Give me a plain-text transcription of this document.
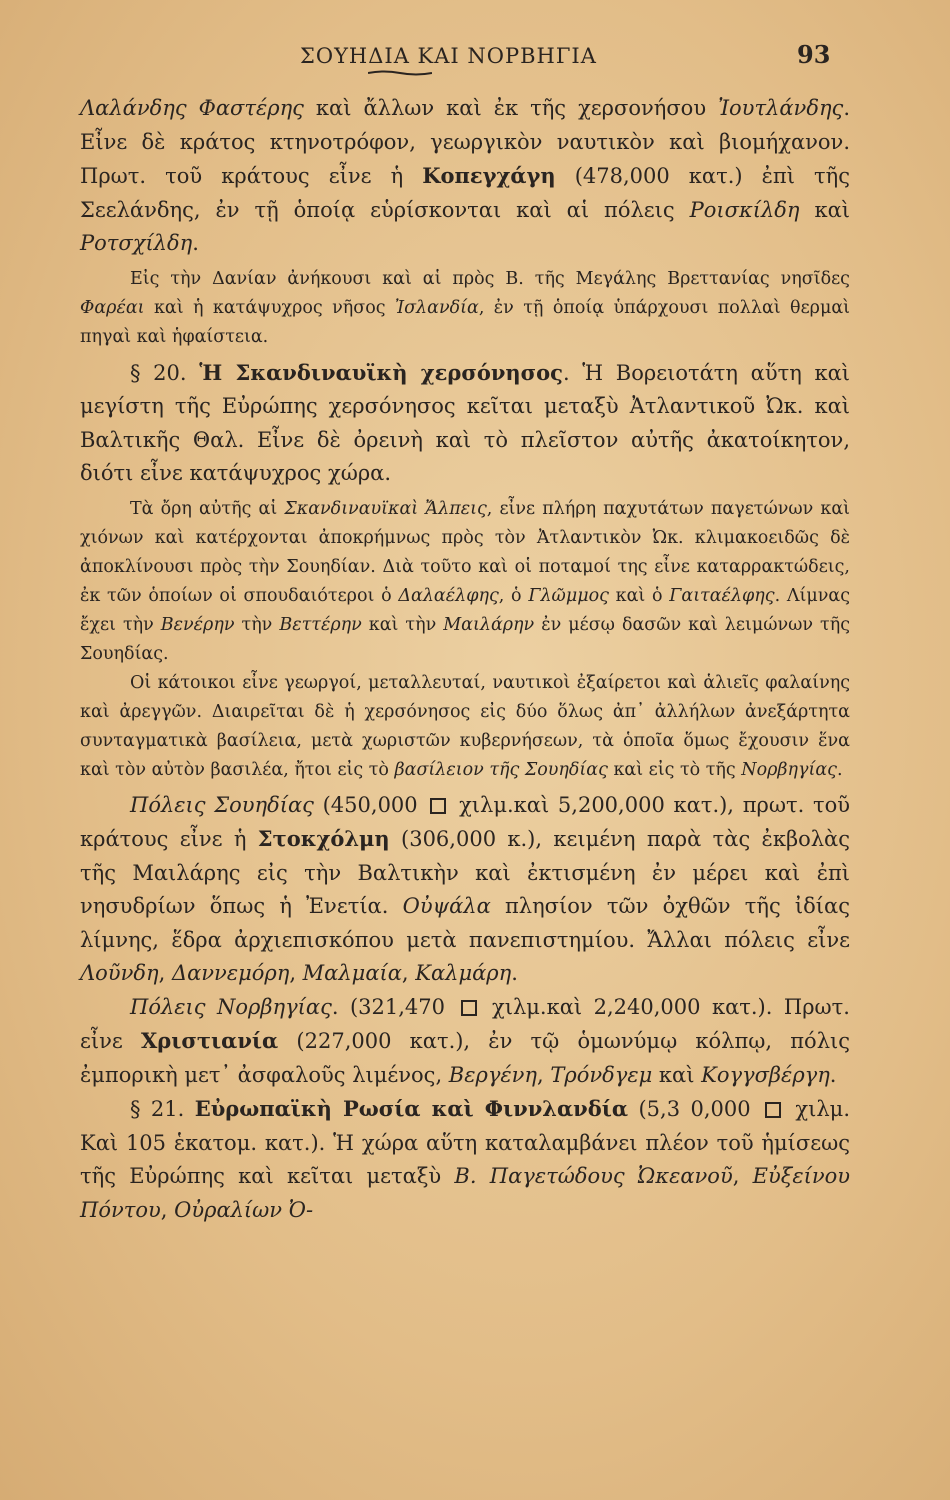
ΣΟΥΗΔΙΑ ΚΑΙ ΝΟΡΒΗΓΙΑ	93

Λαλάνδης Φαστέρης καὶ ἄλλων καὶ ἐκ τῆς χερσονήσου Ἰουτλάνδης. Εἶνε δὲ κράτος κτηνοτρόφον, γεωργικὸν ναυτικὸν καὶ βιομήχανον. Πρωτ. τοῦ κράτους εἶνε ἡ Κοπεγχάγη (478,000 κατ.) ἐπὶ τῆς Σεελάνδης, ἐν τῇ ὁποίᾳ εὑρίσκονται καὶ αἱ πόλεις Ροισκίλδη καὶ Ροτσχίλδη.

Εἰς τὴν Δανίαν ἀνήκουσι καὶ αἱ πρὸς Β. τῆς Μεγάλης Βρεττανίας νησῖδες Φαρέαι καὶ ἡ κατάψυχρος νῆσος Ἰσλανδία, ἐν τῇ ὁποίᾳ ὑπάρχουσι πολλαὶ θερμαὶ πηγαὶ καὶ ἡφαίστεια.

§ 20. Ἡ Σκανδιναυϊκὴ χερσόνησος. Ἡ Βορειοτάτη αὕτη καὶ μεγίστη τῆς Εὐρώπης χερσόνησος κεῖται μεταξὺ Ἀτλαντικοῦ Ὠκ. καὶ Βαλτικῆς Θαλ. Εἶνε δὲ ὀρεινὴ καὶ τὸ πλεῖστον αὐτῆς ἀκατοίκητον, διότι εἶνε κατάψυχρος χώρα.

Τὰ ὄρη αὐτῆς αἱ Σκανδιναυϊκαὶ Ἄλπεις, εἶνε πλήρη παχυτάτων παγετώνων καὶ χιόνων καὶ κατέρχονται ἀποκρήμνως πρὸς τὸν Ἀτλαντικὸν Ὠκ. κλιμακοειδῶς δὲ ἀποκλίνουσι πρὸς τὴν Σουηδίαν. Διὰ τοῦτο καὶ οἱ ποταμοί της εἶνε καταρρακτώδεις, ἐκ τῶν ὁποίων οἱ σπουδαιότεροι ὁ Δαλαέλφης, ὁ Γλῶμμος καὶ ὁ Γαιταέλφης. Λίμνας ἔχει τὴν Βενέρην τὴν Βεττέρην καὶ τὴν Μαιλάρην ἐν μέσῳ δασῶν καὶ λειμώνων τῆς Σουηδίας.

Οἱ κάτοικοι εἶνε γεωργοί, μεταλλευταί, ναυτικοὶ ἐξαίρετοι καὶ ἁλιεῖς φαλαίνης καὶ ἀρεγγῶν. Διαιρεῖται δὲ ἡ χερσόνησος εἰς δύο ὅλως ἀπ᾿ ἀλλήλων ἀνεξάρτητα συνταγματικὰ βασίλεια, μετὰ χωριστῶν κυβερνήσεων, τὰ ὁποῖα ὅμως ἔχουσιν ἕνα καὶ τὸν αὐτὸν βασιλέα, ἤτοι εἰς τὸ βασίλειον τῆς Σουηδίας καὶ εἰς τὸ τῆς Νορβηγίας.

Πόλεις Σουηδίας (450,000  χιλμ.καὶ 5,200,000 κατ.), πρωτ. τοῦ κράτους εἶνε ἡ Στοκχόλμη (306,000 κ.), κειμένη παρὰ τὰς ἐκβολὰς τῆς Μαιλάρης εἰς τὴν Βαλτικὴν καὶ ἐκτισμένη ἐν μέρει καὶ ἐπὶ νησυδρίων ὅπως ἡ Ἐνετία. Οὐψάλα πλησίον τῶν ὀχθῶν τῆς ἰδίας λίμνης, ἕδρα ἀρχιεπισκόπου μετὰ πανεπιστημίου. Ἄλλαι πόλεις εἶνε Λοῦνδη, Δαννεμόρη, Μαλμαία, Καλμάρη.

Πόλεις Νορβηγίας. (321,470  χιλμ.καὶ 2,240,000 κατ.). Πρωτ. εἶνε Χριστιανία (227,000 κατ.), ἐν τῷ ὁμωνύμῳ κόλπῳ, πόλις ἐμπορικὴ μετ᾿ ἀσφαλοῦς λιμένος, Βεργένη, Τρόνδγεμ καὶ Κογγσβέργη.

§ 21. Εὐρωπαϊκὴ Ρωσία καὶ Φιννλανδία (5,3 0,000  χιλμ. Καὶ 105 ἑκατομ. κατ.). Ἡ χώρα αὕτη καταλαμβάνει πλέον τοῦ ἡμίσεως τῆς Εὐρώπης καὶ κεῖται μεταξὺ Β. Παγετώδους Ὠκεανοῦ, Εὐξείνου Πόντου, Οὐραλίων Ὀ-
